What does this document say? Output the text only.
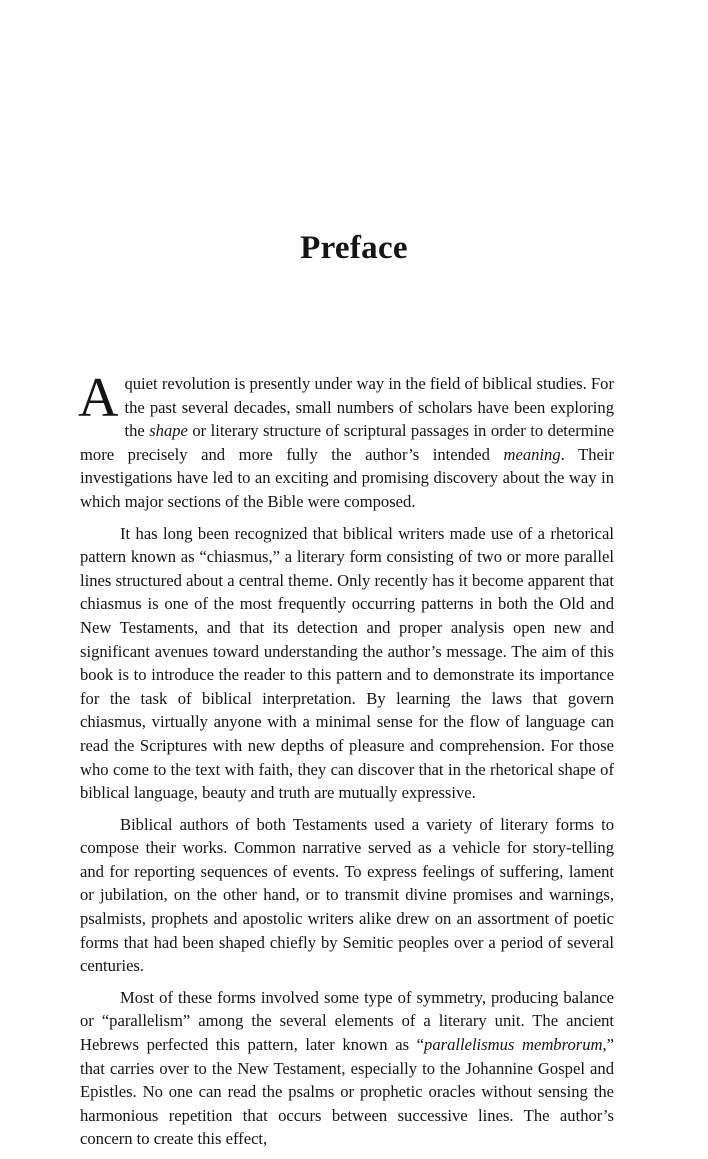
Preface

A quiet revolution is presently under way in the field of biblical studies. For the past several decades, small numbers of scholars have been exploring the shape or literary structure of scriptural passages in order to determine more precisely and more fully the author’s intended meaning. Their investigations have led to an exciting and promising discovery about the way in which major sections of the Bible were composed.

It has long been recognized that biblical writers made use of a rhetorical pattern known as “chiasmus,” a literary form consisting of two or more parallel lines structured about a central theme. Only recently has it become apparent that chiasmus is one of the most frequently occurring patterns in both the Old and New Testaments, and that its detection and proper analysis open new and significant avenues toward understanding the author’s message. The aim of this book is to introduce the reader to this pattern and to demonstrate its importance for the task of biblical interpretation. By learning the laws that govern chiasmus, virtually anyone with a minimal sense for the flow of language can read the Scriptures with new depths of pleasure and comprehension. For those who come to the text with faith, they can discover that in the rhetorical shape of biblical language, beauty and truth are mutually expressive.

Biblical authors of both Testaments used a variety of literary forms to compose their works. Common narrative served as a vehicle for story-telling and for reporting sequences of events. To express feelings of suffering, lament or jubilation, on the other hand, or to transmit divine promises and warnings, psalmists, prophets and apostolic writers alike drew on an assortment of poetic forms that had been shaped chiefly by Semitic peoples over a period of several centuries.

Most of these forms involved some type of symmetry, producing balance or “parallelism” among the several elements of a literary unit. The ancient Hebrews perfected this pattern, later known as “parallelismus membrorum,” that carries over to the New Testament, especially to the Johannine Gospel and Epistles. No one can read the psalms or prophetic oracles without sensing the harmonious repetition that occurs between successive lines. The author’s concern to create this effect,
